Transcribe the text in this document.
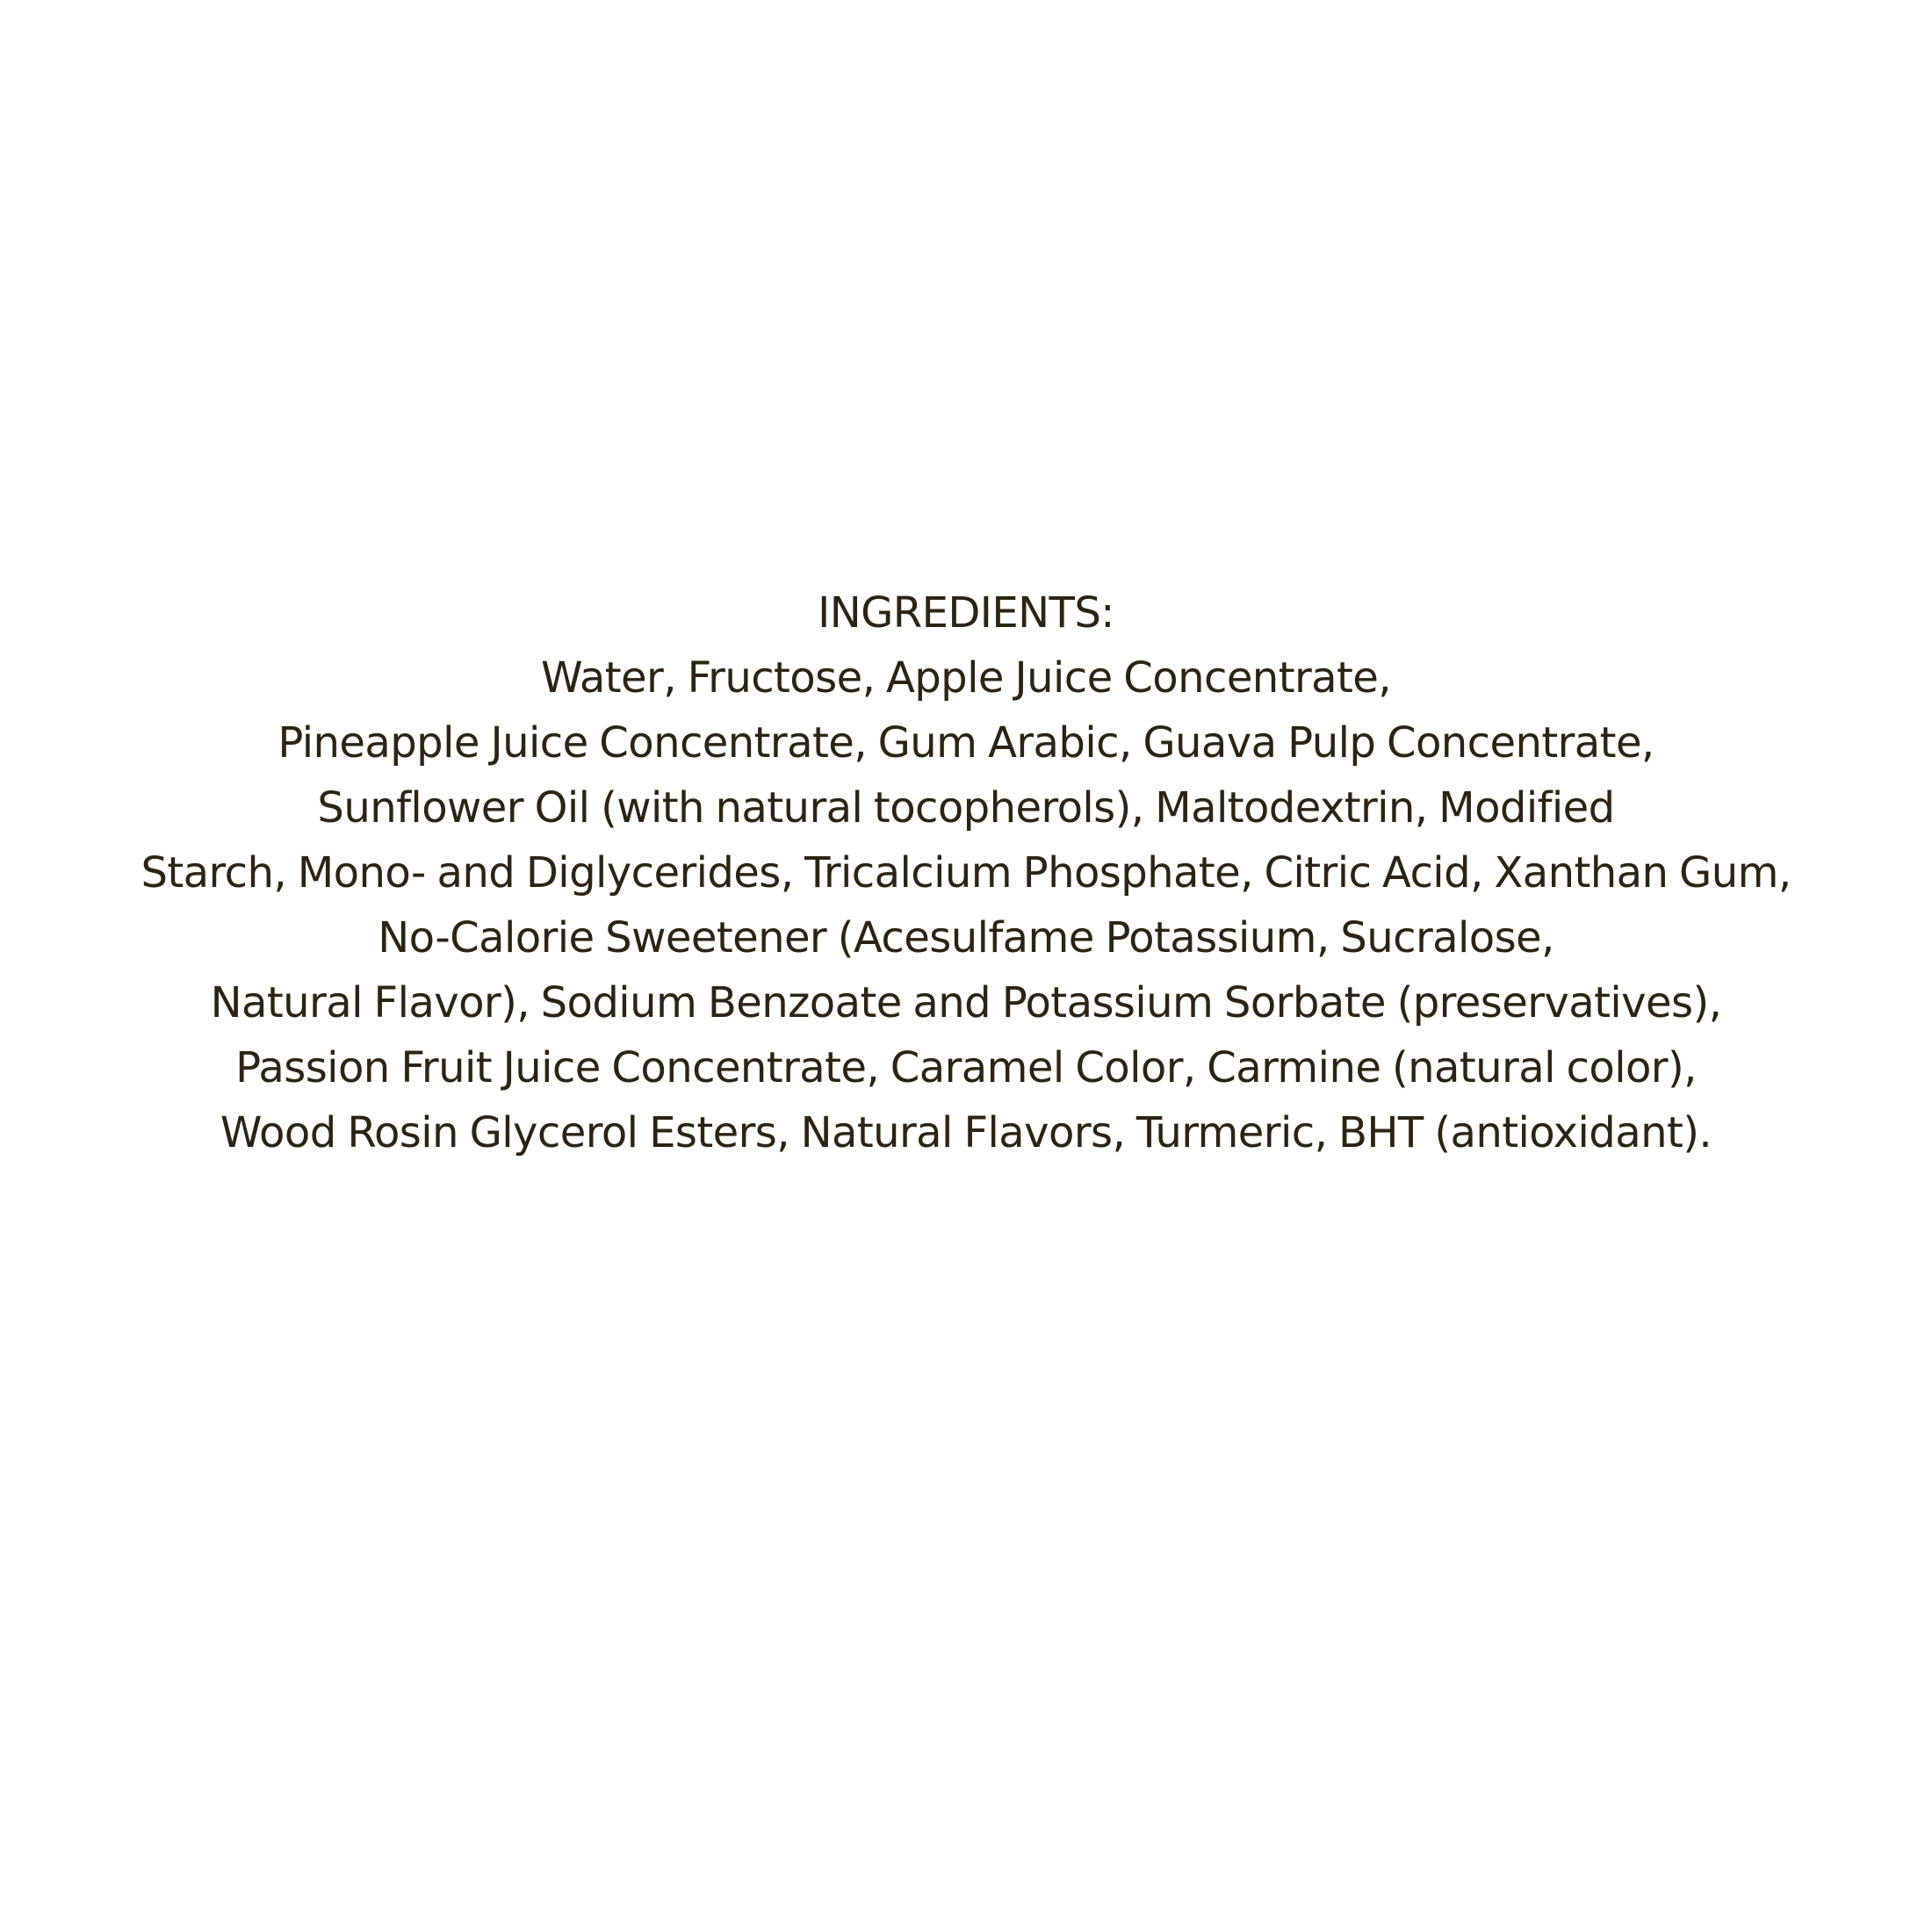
INGREDIENTS:
Water, Fructose, Apple Juice Concentrate,
Pineapple Juice Concentrate, Gum Arabic, Guava Pulp Concentrate,
Sunflower Oil (with natural tocopherols), Maltodextrin, Modified
Starch, Mono- and Diglycerides, Tricalcium Phosphate, Citric Acid, Xanthan Gum,
No-Calorie Sweetener (Acesulfame Potassium, Sucralose,
Natural Flavor), Sodium Benzoate and Potassium Sorbate (preservatives),
Passion Fruit Juice Concentrate, Caramel Color, Carmine (natural color),
Wood Rosin Glycerol Esters, Natural Flavors, Turmeric, BHT (antioxidant).
